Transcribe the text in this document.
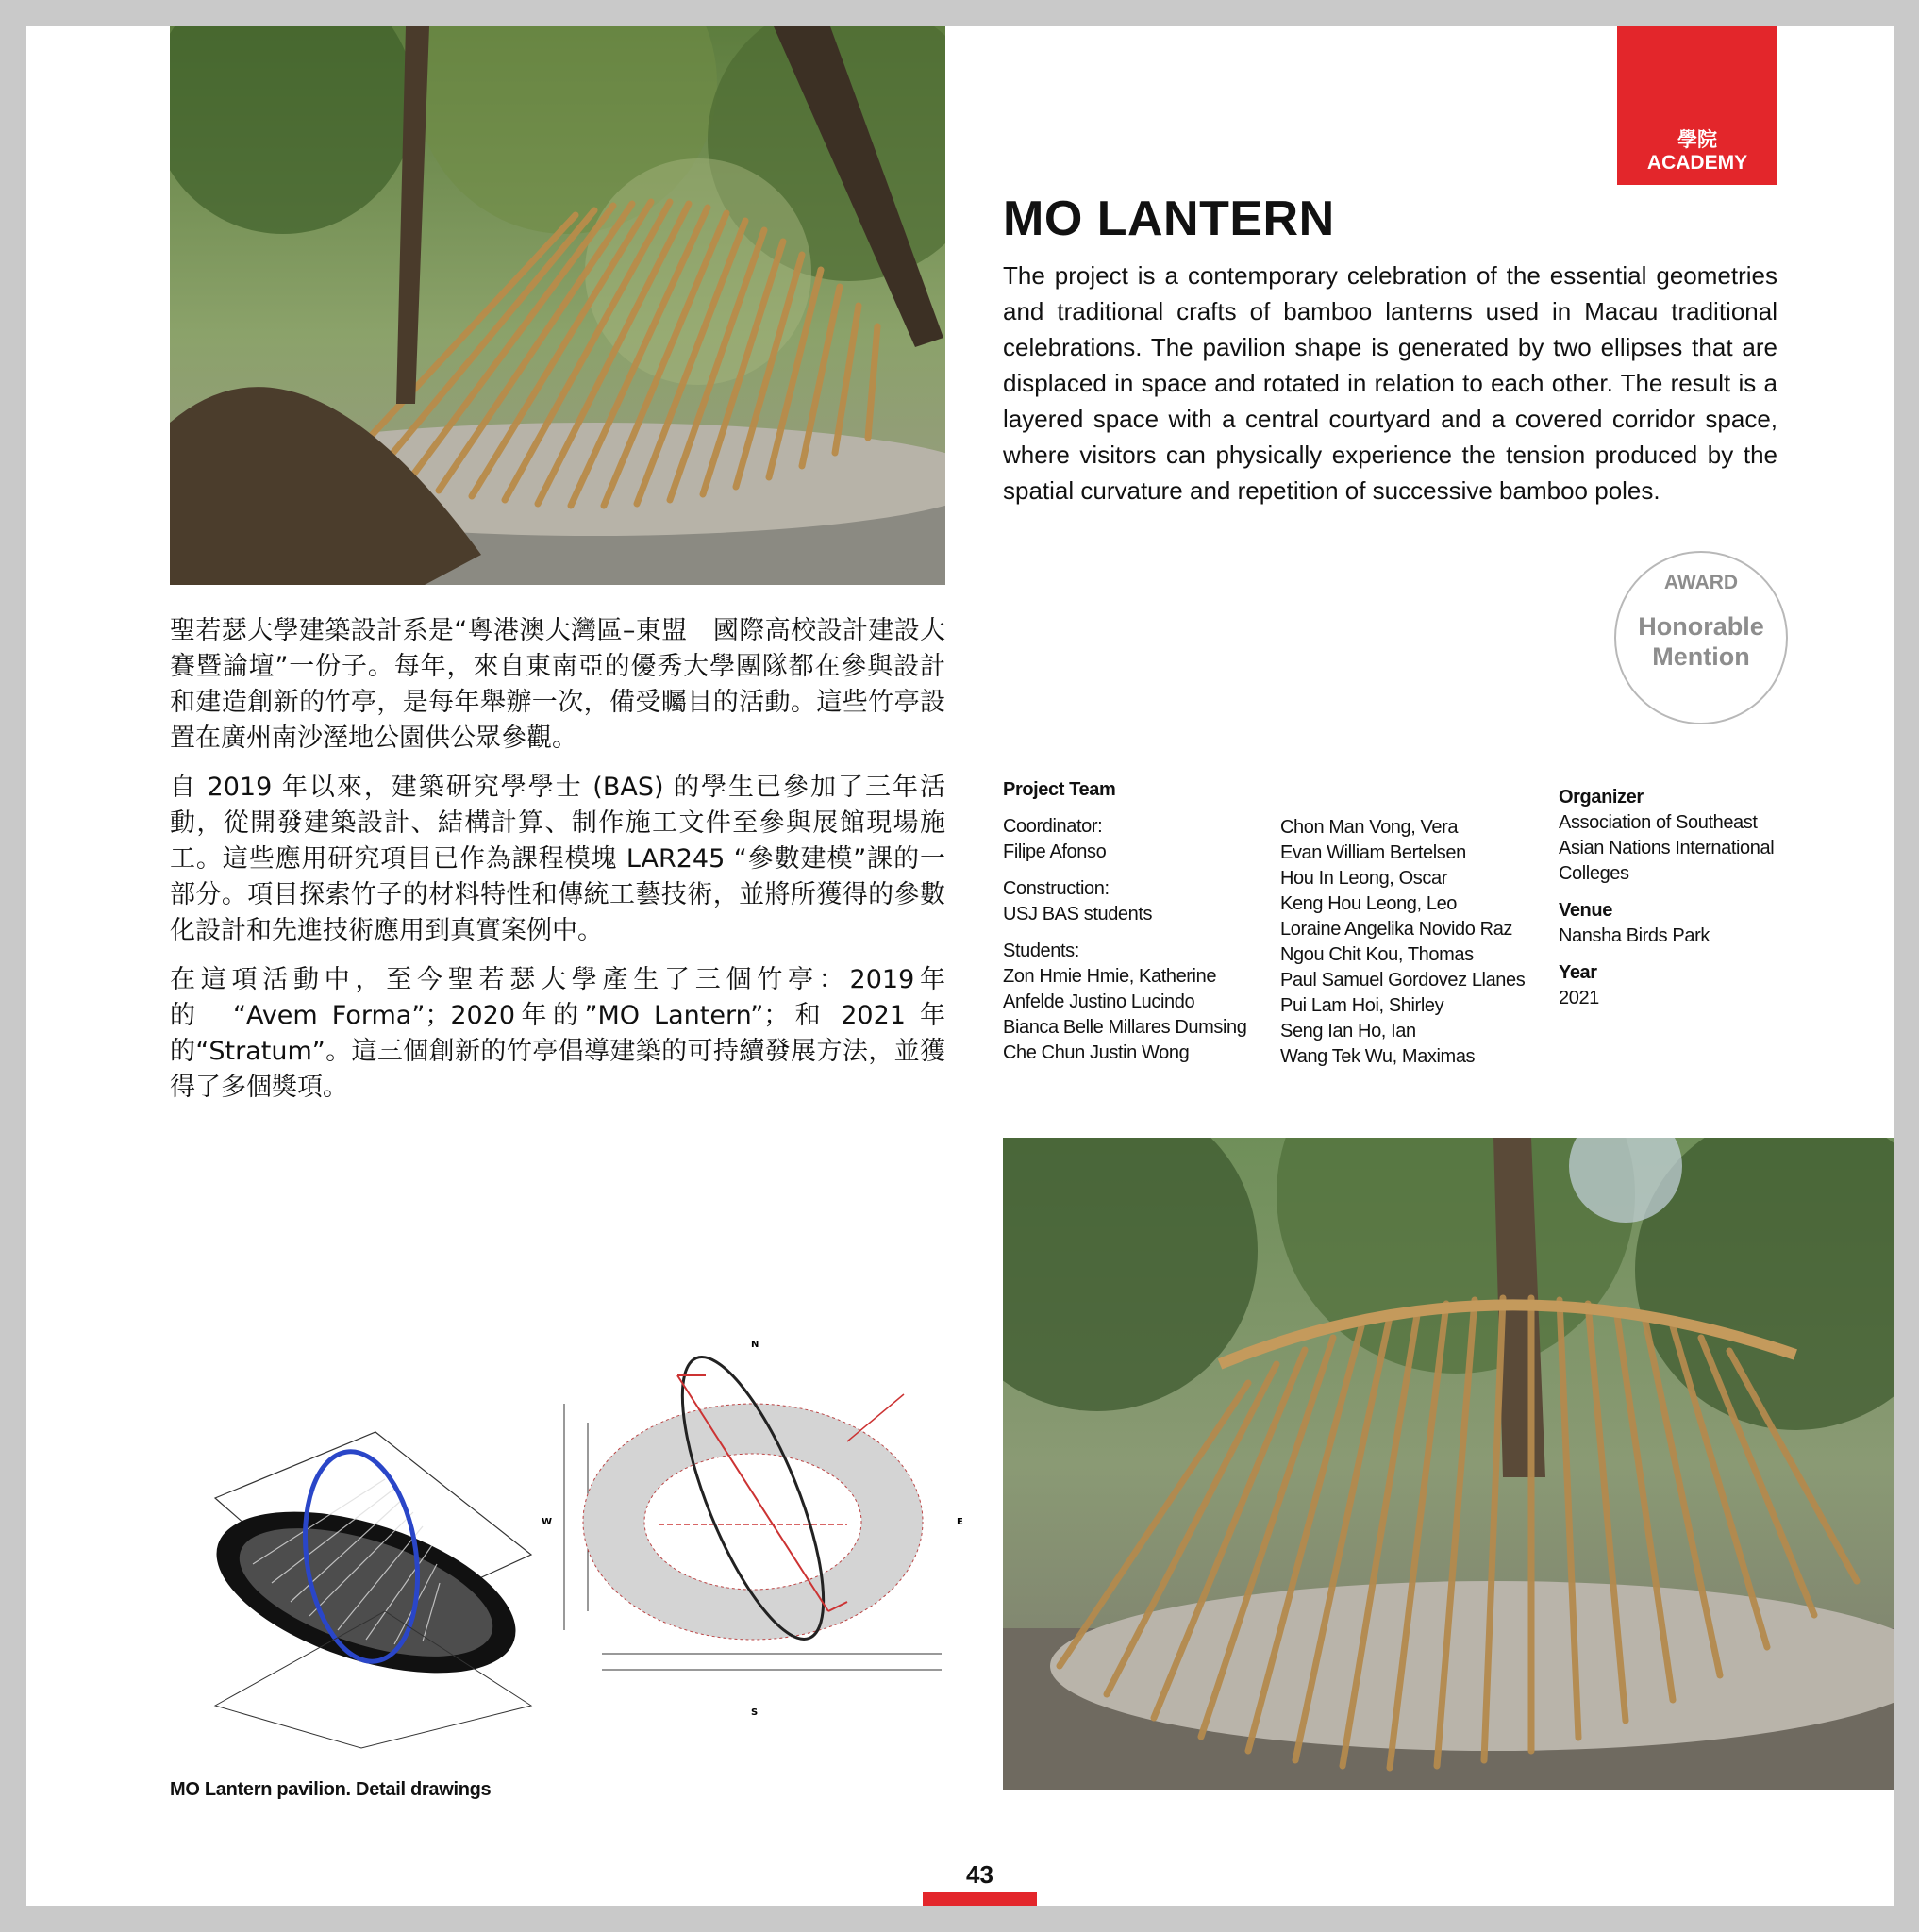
學院
ACADEMY
MO LANTERN
The project is a contemporary celebration of the essential geometries and traditional crafts of bamboo lanterns used in Macau traditional celebrations. The pavilion shape is generated by two ellipses that are displaced in space and rotated in relation to each other. The result is a layered space with a central courtyard and a covered corridor space, where visitors can physically experience the tension produced by the spatial curvature and repetition of successive bamboo poles.
AWARD
Honorable Mention

聖若瑟大學建築設計系是“粵港澳大灣區–東盟　國際高校設計建設大賽暨論壇”一份子。每年，來自東南亞的優秀大學團隊都在參與設計和建造創新的竹亭，是每年舉辦一次，備受矚目的活動。這些竹亭設置在廣州南沙溼地公園供公眾參觀。

自 2019 年以來，建築研究學學士 (BAS) 的學生已參加了三年活動，從開發建築設計、結構計算、制作施工文件至參與展館現場施工。這些應用研究項目已作為課程模塊 LAR245 “參數建模”課的一部分。項目探索竹子的材料特性和傳統工藝技術，並將所獲得的參數化設計和先進技術應用到真實案例中。

在這項活動中，至今聖若瑟大學產生了三個竹亭：2019年的　“Avem Forma”；2020年的”MO Lantern”；和 2021 年的“Stratum”。這三個創新的竹亭倡導建築的可持續發展方法，並獲得了多個獎項。

Project Team
Coordinator:
Filipe Afonso
Construction:
USJ BAS students
Students:
Zon Hmie Hmie, Katherine
Anfelde Justino Lucindo
Bianca Belle Millares Dumsing
Che Chun Justin Wong
Chon Man Vong, Vera
Evan William Bertelsen
Hou In Leong, Oscar
Keng Hou Leong, Leo
Loraine Angelika Novido Raz
Ngou Chit Kou, Thomas
Paul Samuel Gordovez Llanes
Pui Lam Hoi, Shirley
Seng Ian Ho, Ian
Wang Tek Wu, Maximas
Organizer
Association of Southeast
Asian Nations International
Colleges
Venue
Nansha Birds Park
Year
2021
N
S
E
W
MO Lantern pavilion. Detail drawings
43
